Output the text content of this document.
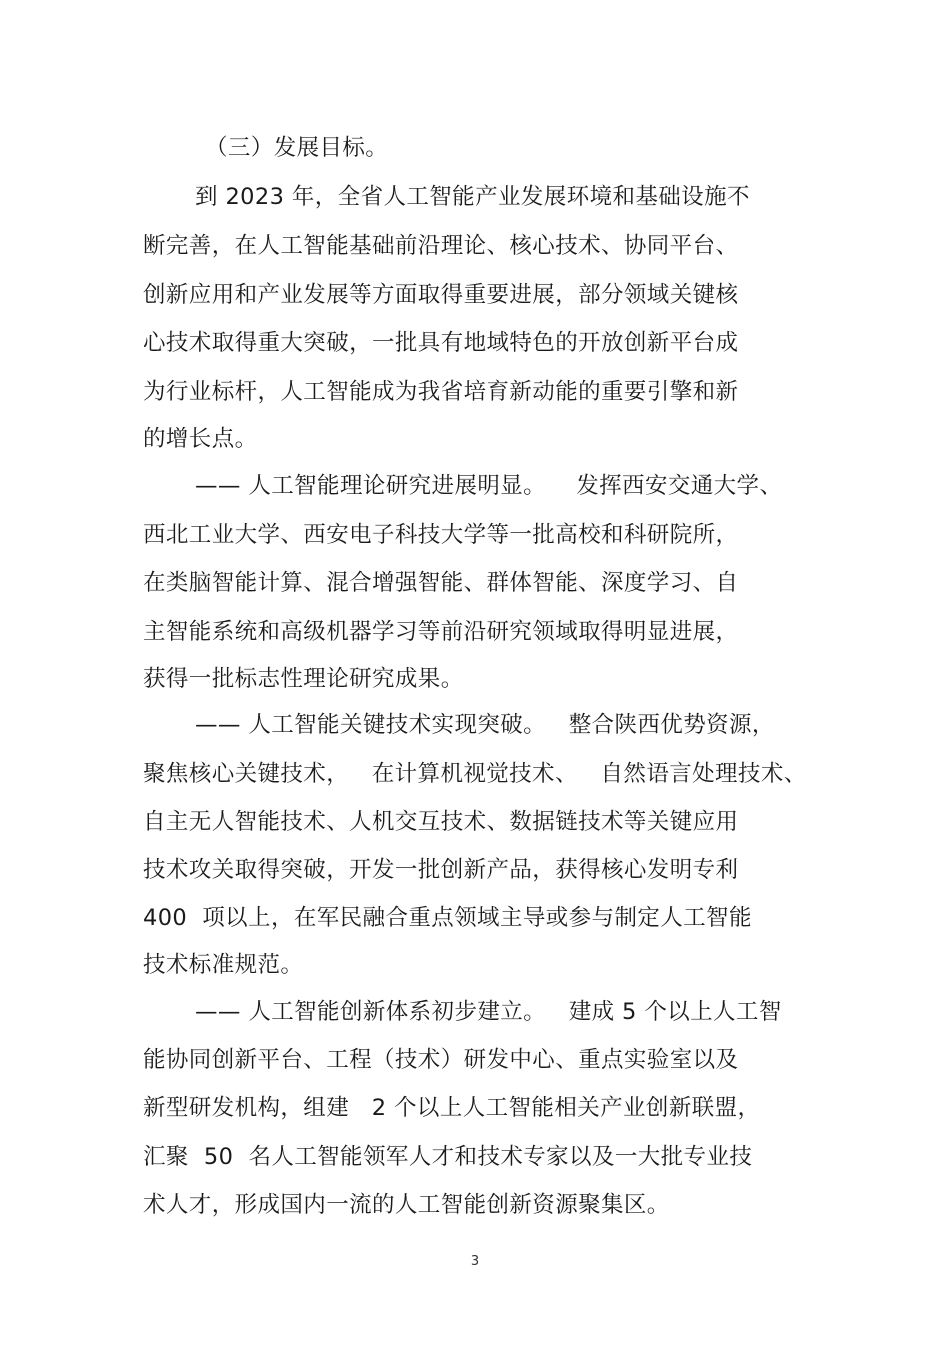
（三）发展目标。
到 2023 年，全省人工智能产业发展环境和基础设施不
断完善，在人工智能基础前沿理论、核心技术、协同平台、
创新应用和产业发展等方面取得重要进展，部分领域关键核
心技术取得重大突破，一批具有地域特色的开放创新平台成
为行业标杆，人工智能成为我省培育新动能的重要引擎和新
的增长点。
—— 人工智能理论研究进展明显。    发挥西安交通大学、
西北工业大学、西安电子科技大学等一批高校和科研院所，
在类脑智能计算、混合增强智能、群体智能、深度学习、自
主智能系统和高级机器学习等前沿研究领域取得明显进展，
获得一批标志性理论研究成果。
—— 人工智能关键技术实现突破。   整合陕西优势资源，
聚焦核心关键技术，   在计算机视觉技术、   自然语言处理技术、
自主无人智能技术、人机交互技术、数据链技术等关键应用
技术攻关取得突破，开发一批创新产品，获得核心发明专利
400  项以上，在军民融合重点领域主导或参与制定人工智能
技术标准规范。
—— 人工智能创新体系初步建立。   建成 5 个以上人工智
能协同创新平台、工程（技术）研发中心、重点实验室以及
新型研发机构，组建   2 个以上人工智能相关产业创新联盟，
汇聚  50  名人工智能领军人才和技术专家以及一大批专业技
术人才，形成国内一流的人工智能创新资源聚集区。
3
